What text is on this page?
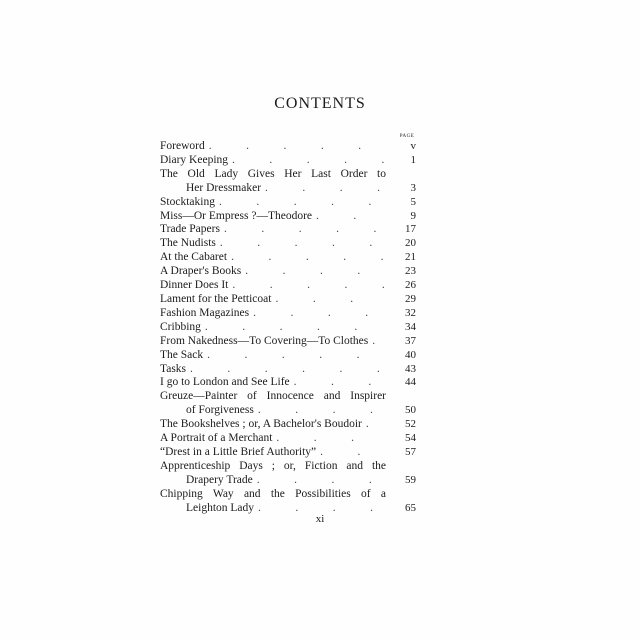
CONTENTS
PAGE
Foreword .	v
Diary Keeping .	1
The Old Lady Gives Her Last Order to
Her Dressmaker .	3
Stocktaking .	5
Miss—Or Empress ?—Theodore .	9
Trade Papers .	17
The Nudists .	20
At the Cabaret .	21
A Draper's Books .	23
Dinner Does It .	26
Lament for the Petticoat .	29
Fashion Magazines .	32
Cribbing .	34
From Nakedness—To Covering—To Clothes .	37
The Sack .	40
Tasks .	43
I go to London and See Life .	44
Greuze—Painter of Innocence and Inspirer
of Forgiveness .	50
The Bookshelves ; or, A Bachelor's Boudoir .	52
A Portrait of a Merchant .	54
“Drest in a Little Brief Authority” .	57
Apprenticeship Days ; or, Fiction and the
Drapery Trade .	59
Chipping Way and the Possibilities of a
Leighton Lady .	65
xi
